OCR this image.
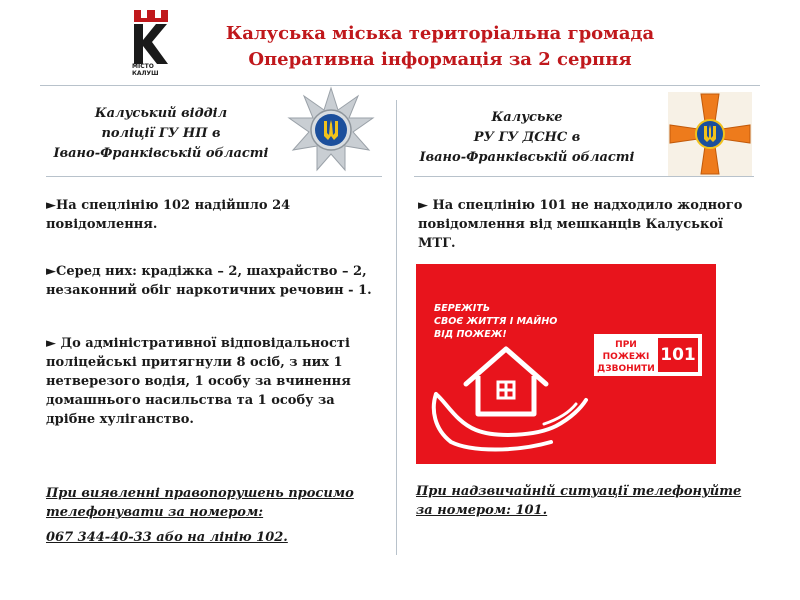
МІСТО КАЛУШ
Калуська міська територіальна громада
Оперативна інформація за 2 серпня
Калуський відділ
поліції ГУ НП в
Івано-Франківській області
►На спецлінію 102 надійшло 24 повідомлення.
►Серед них: крадіжка – 2, шахрайство – 2, незаконний обіг наркотичних речовин - 1.
► До адміністративної відповідальності поліцейські притягнули 8 осіб, з них 1 нетверезого водія, 1 особу за вчинення домашнього насильства та 1 особу за дрібне хуліганство.
При виявленні правопорушень просимо телефонувати за номером:
067 344-40-33 або на лінію 102.
Калуське
РУ ГУ ДСНС в
Івано-Франківській області
► На спецлінію 101 не надходило жодного повідомлення від мешканців Калуської МТГ.
БЕРЕЖІТЬ
СВОЄ ЖИТТЯ І МАЙНО
ВІД ПОЖЕЖ!
ПРИ
ПОЖЕЖІ
ДЗВОНИТИ
101
При надзвичайній ситуації телефонуйте за номером: 101.
